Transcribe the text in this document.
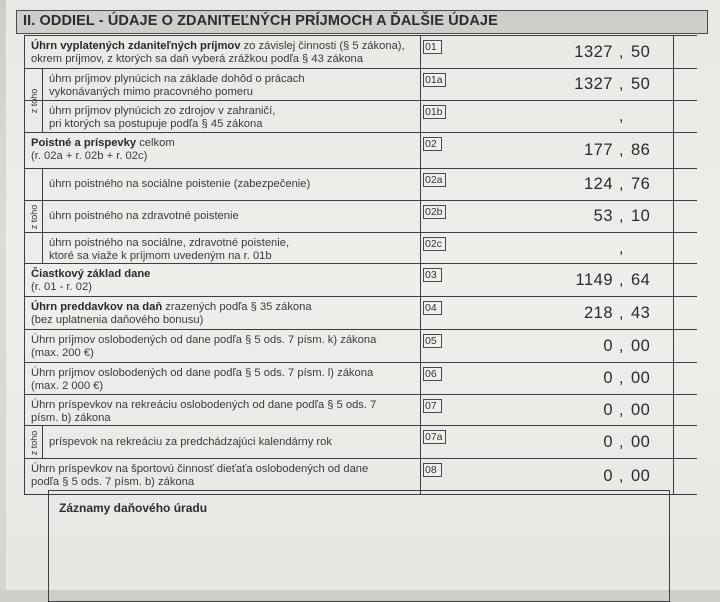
II. ODDIEL - ÚDAJE O ZDANITEĽNÝCH PRÍJMOCH A ĎALŠIE ÚDAJE
Úhrn vyplatených zdaniteľných príjmov zo závislej činnosti (§ 5 zákona),
okrem príjmov, z ktorých sa daň vyberá zrážkou podľa § 43 zákona
01	1327 , 50
úhrn príjmov plynúcich na základe dohôd o prácach
vykonávaných mimo pracovného pomeru
01a	1327 , 50
úhrn príjmov plynúcich zo zdrojov v zahraničí,
pri ktorých sa postupuje podľa § 45 zákona
01b	,
Poistné a príspevky celkom
(r. 02a + r. 02b + r. 02c)
02	177 , 86
úhrn poistného na sociálne poistenie (zabezpečenie)	02a	124 , 76
úhrn poistného na zdravotné poistenie	02b	53 , 10
úhrn poistného na sociálne, zdravotné poistenie,
ktoré sa viaže k príjmom uvedeným na r. 01b
02c	,
Čiastkový základ dane
(r. 01 - r. 02)
03	1149 , 64
Úhrn preddavkov na daň zrazených podľa § 35 zákona
(bez uplatnenia daňového bonusu)
04	218 , 43
Úhrn príjmov oslobodených od dane podľa § 5 ods. 7 písm. k) zákona
(max. 200 €)
05	0 , 00
Úhrn príjmov oslobodených od dane podľa § 5 ods. 7 písm. l) zákona
(max. 2 000 €)
06	0 , 00
Úhrn príspevkov na rekreáciu oslobodených od dane podľa § 5 ods. 7
písm. b) zákona
07	0 , 00
príspevok na rekreáciu za predchádzajúci kalendárny rok	07a	0 , 00
Úhrn príspevkov na športovú činnosť dieťaťa oslobodených od dane
podľa § 5 ods. 7 písm. b) zákona
08	0 , 00
z toho
z toho
z toho
Záznamy daňového úradu
